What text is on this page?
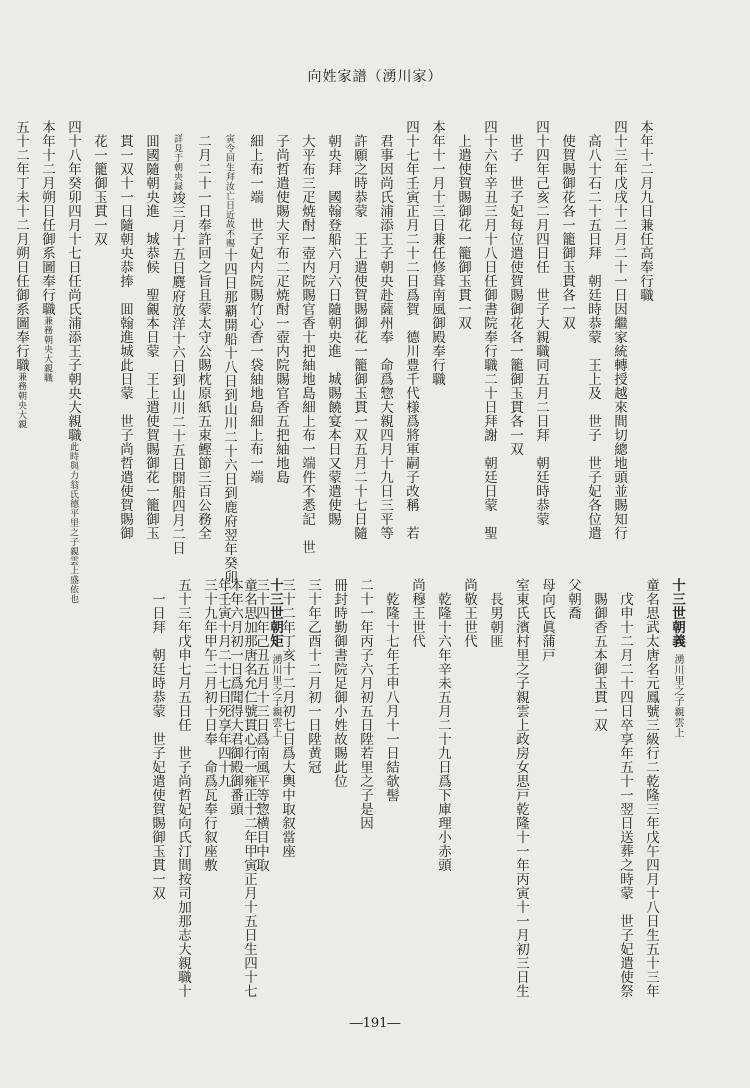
向姓家譜（湧川家）
本年十二月九日兼任高奉行職
四十三年戊戌十二月二十一日因繼家統轉授越來間切總地頭並賜知行
高八十石二十五日拜　朝廷時恭蒙　王上及　世子　世子妃各位遣
使賀賜御花各一籠御玉貫各一双
四十四年己亥二月四日任　世子大親職同五月二日拜　朝廷時恭蒙
世子　世子妃每位遣使賀賜御花各一籠御玉貫各一双
四十六年辛丑三月十八日任御書院奉行職二十日拜謝　朝廷日蒙　聖
上遣使賀賜御花一籠御玉貫一双
本年十一月十三日兼任修葺南風御殿奉行職
四十七年壬寅正月二十二日爲賀　德川豊千代様爲將軍嗣子改稱　若
君事因尚氏浦添王子朝央赴薩州奉　命爲惣大親四月十九日三平等
許願之時恭蒙　王上遣使賀賜御花一籠御玉貫一双五月二十七日隨
朝央拜　國翰登船六月六日隨朝央進　城賜饒宴本日又蒙遣使賜
大平布三疋焼酎一壺内院賜官香十把紬地島細上布一端件不悉記　世
子尚哲遣使賜大平布二疋焼酎一壺内院賜官香五把紬地島
細上布一端　世子妃内院賜竹心香一袋紬地島細上布一端
寅令回生拜汝亡日近故不赐十四日那覇開船十八日到山川二十六日到鹿府翌年癸卯
二月二十一日奉許回之旨且蒙太守公賜枕原紙五束鰹節三百公務全
詳見于朝央録竣三月十五日麑府放洋十六日到山川二十五日開船四月二日
囬國隨朝央進　城恭候　聖覦本日蒙　王上遣使賀賜御花一籠御玉
貫一双十一日隨朝央恭捧　囬翰進城此日蒙　世子尚哲遣使賀賜御
花一籠御玉貫一双
四十八年癸卯四月十七日任尚氏浦添王子朝央大親職此時與力翁氏德平里之子親雲上盛依也
本年十二月朔日任御系圖奉行職兼務朝央大親職
五十二年丁未十二月朔日任御系圖奉行職兼務朝央大親
十三世朝義湧川里之子親雲上
童名思武太唐名元鳳號三級行二乾隆三年戊午四月十八日生五十三年
戊申十二月二十四日卒享年五十一翌日送葬之時蒙　世子妃遣使祭
賜御香五本御玉貫一双
父朝喬
母向氏眞蒲戸
室東氏濱村里之子親雲上政房女思戸乾隆十一年丙寅十一月初三日生
長男朝匪
尚敬王世代
乾隆十六年辛未五月二十九日爲下庫理小赤頭
尚穆王世代
乾隆十七年壬申八月十一日結欹髻
二十一年丙子六月初五日陞若里之子是因
冊封時勤御書院足御小姓故賜此位
三十年乙酉十二月初一日陞黄冠
三十二年丁亥十二月初七日爲大輿中取叙當座
三十四年己丑五月十三日爲南風平等惣横目中取
本年六月初一日爲聞得大君御殿御番頭
三十九年甲午二月初十日奉　命爲瓦奉行叙座敷
五十三年戊申七月五日任　世子尚哲妃向氏汀間按司加那志大親職十
一日拜　朝廷時恭蒙　世子妃遣使賀賜御玉貫一双	十三世朝矩湧川里之子親雲上
童名思加那唐名允仁號貫心行一雍正十二年甲寅正月十五日生四十七
年壬寅十月二十七日死享年四十九
―191―
